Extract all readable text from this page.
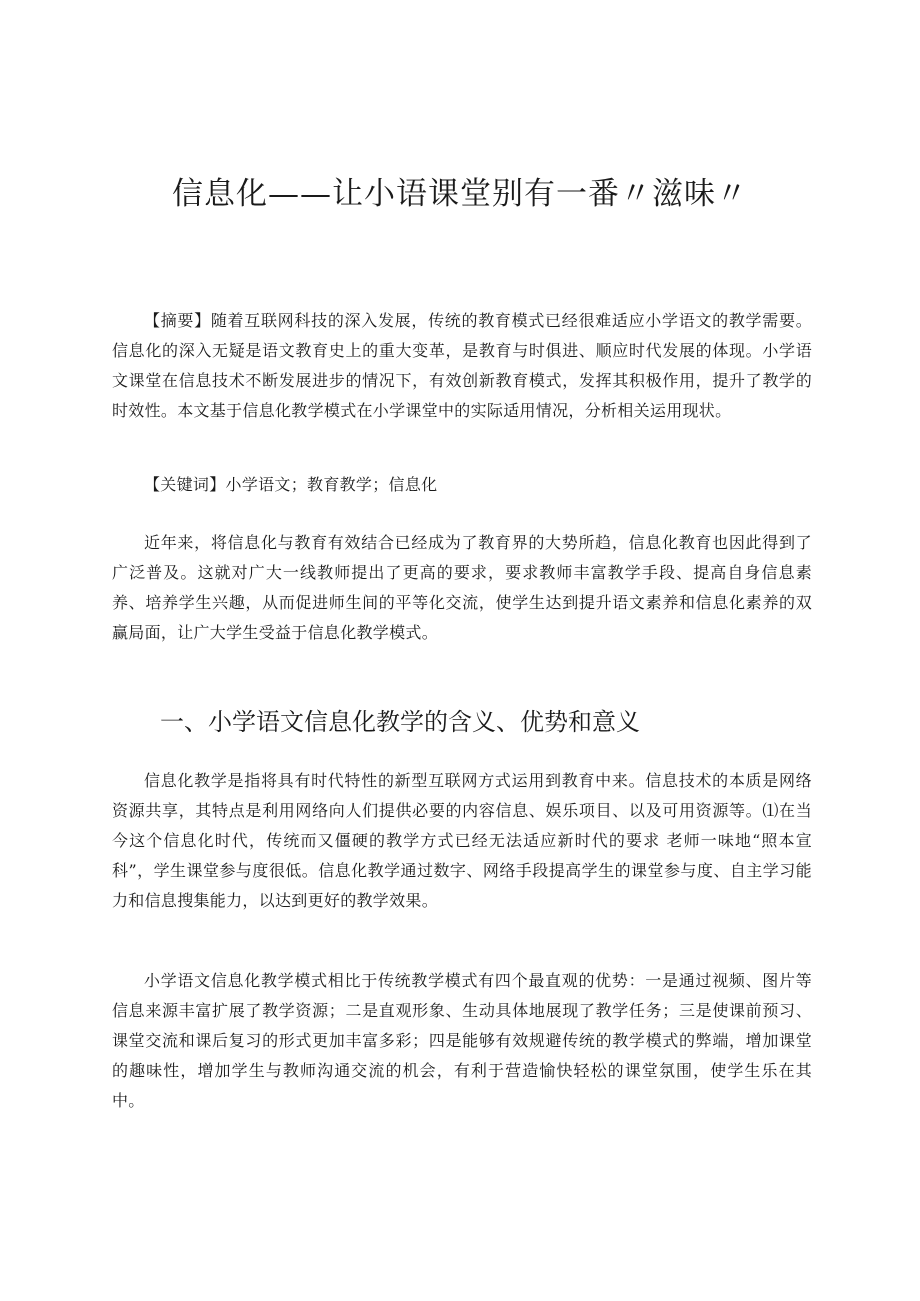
信息化——让小语课堂别有一番〃滋味〃

【摘要】随着互联网科技的深入发展，传统的教育模式已经很难适应小学语文的教学需要。信息化的深入无疑是语文教育史上的重大变革，是教育与时俱进、顺应时代发展的体现。小学语文课堂在信息技术不断发展进步的情况下，有效创新教育模式，发挥其积极作用，提升了教学的时效性。本文基于信息化教学模式在小学课堂中的实际适用情况，分析相关运用现状。

【关键词】小学语文；教育教学；信息化

近年来，将信息化与教育有效结合已经成为了教育界的大势所趋，信息化教育也因此得到了广泛普及。这就对广大一线教师提出了更高的要求，要求教师丰富教学手段、提高自身信息素养、培养学生兴趣，从而促进师生间的平等化交流，使学生达到提升语文素养和信息化素养的双赢局面，让广大学生受益于信息化教学模式。

一、小学语文信息化教学的含义、优势和意义

信息化教学是指将具有时代特性的新型互联网方式运用到教育中来。信息技术的本质是网络资源共享，其特点是利用网络向人们提供必要的内容信息、娱乐项目、以及可用资源等。⑴在当今这个信息化时代，传统而又僵硬的教学方式已经无法适应新时代的要求 老师一味地“照本宣科”，学生课堂参与度很低。信息化教学通过数字、网络手段提高学生的课堂参与度、自主学习能力和信息搜集能力，以达到更好的教学效果。

小学语文信息化教学模式相比于传统教学模式有四个最直观的优势：一是通过视频、图片等信息来源丰富扩展了教学资源；二是直观形象、生动具体地展现了教学任务；三是使课前预习、课堂交流和课后复习的形式更加丰富多彩；四是能够有效规避传统的教学模式的弊端，增加课堂的趣味性，增加学生与教师沟通交流的机会，有利于营造愉快轻松的课堂氛围，使学生乐在其中。
